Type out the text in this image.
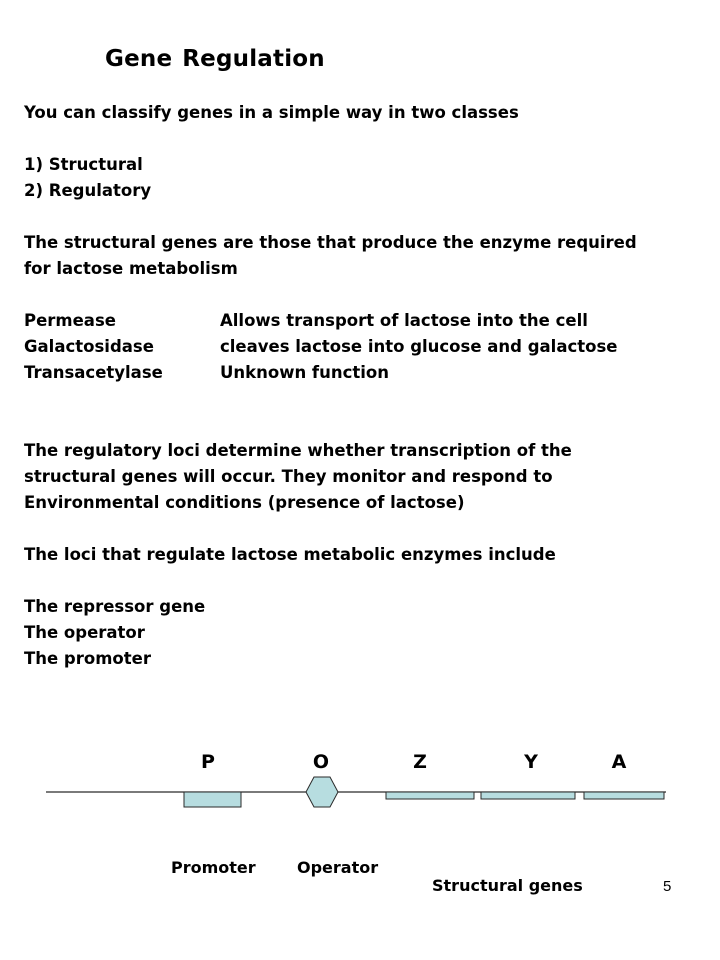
Gene Regulation

You can classify genes in a simple way in two classes

1) Structural

2) Regulatory

The structural genes are those that produce the enzyme required

for lactose metabolism

Permease	Allows transport of lactose into the cell
Galactosidase	cleaves lactose into glucose and galactose
Transacetylase	Unknown function

The regulatory loci determine whether transcription of the

structural genes will occur. They monitor and respond to

Environmental conditions (presence of lactose)

The loci that regulate lactose metabolic enzymes include

The repressor gene

The operator

The promoter

P	O	Z	Y	A
Promoter	Operator
Structural genes	5
